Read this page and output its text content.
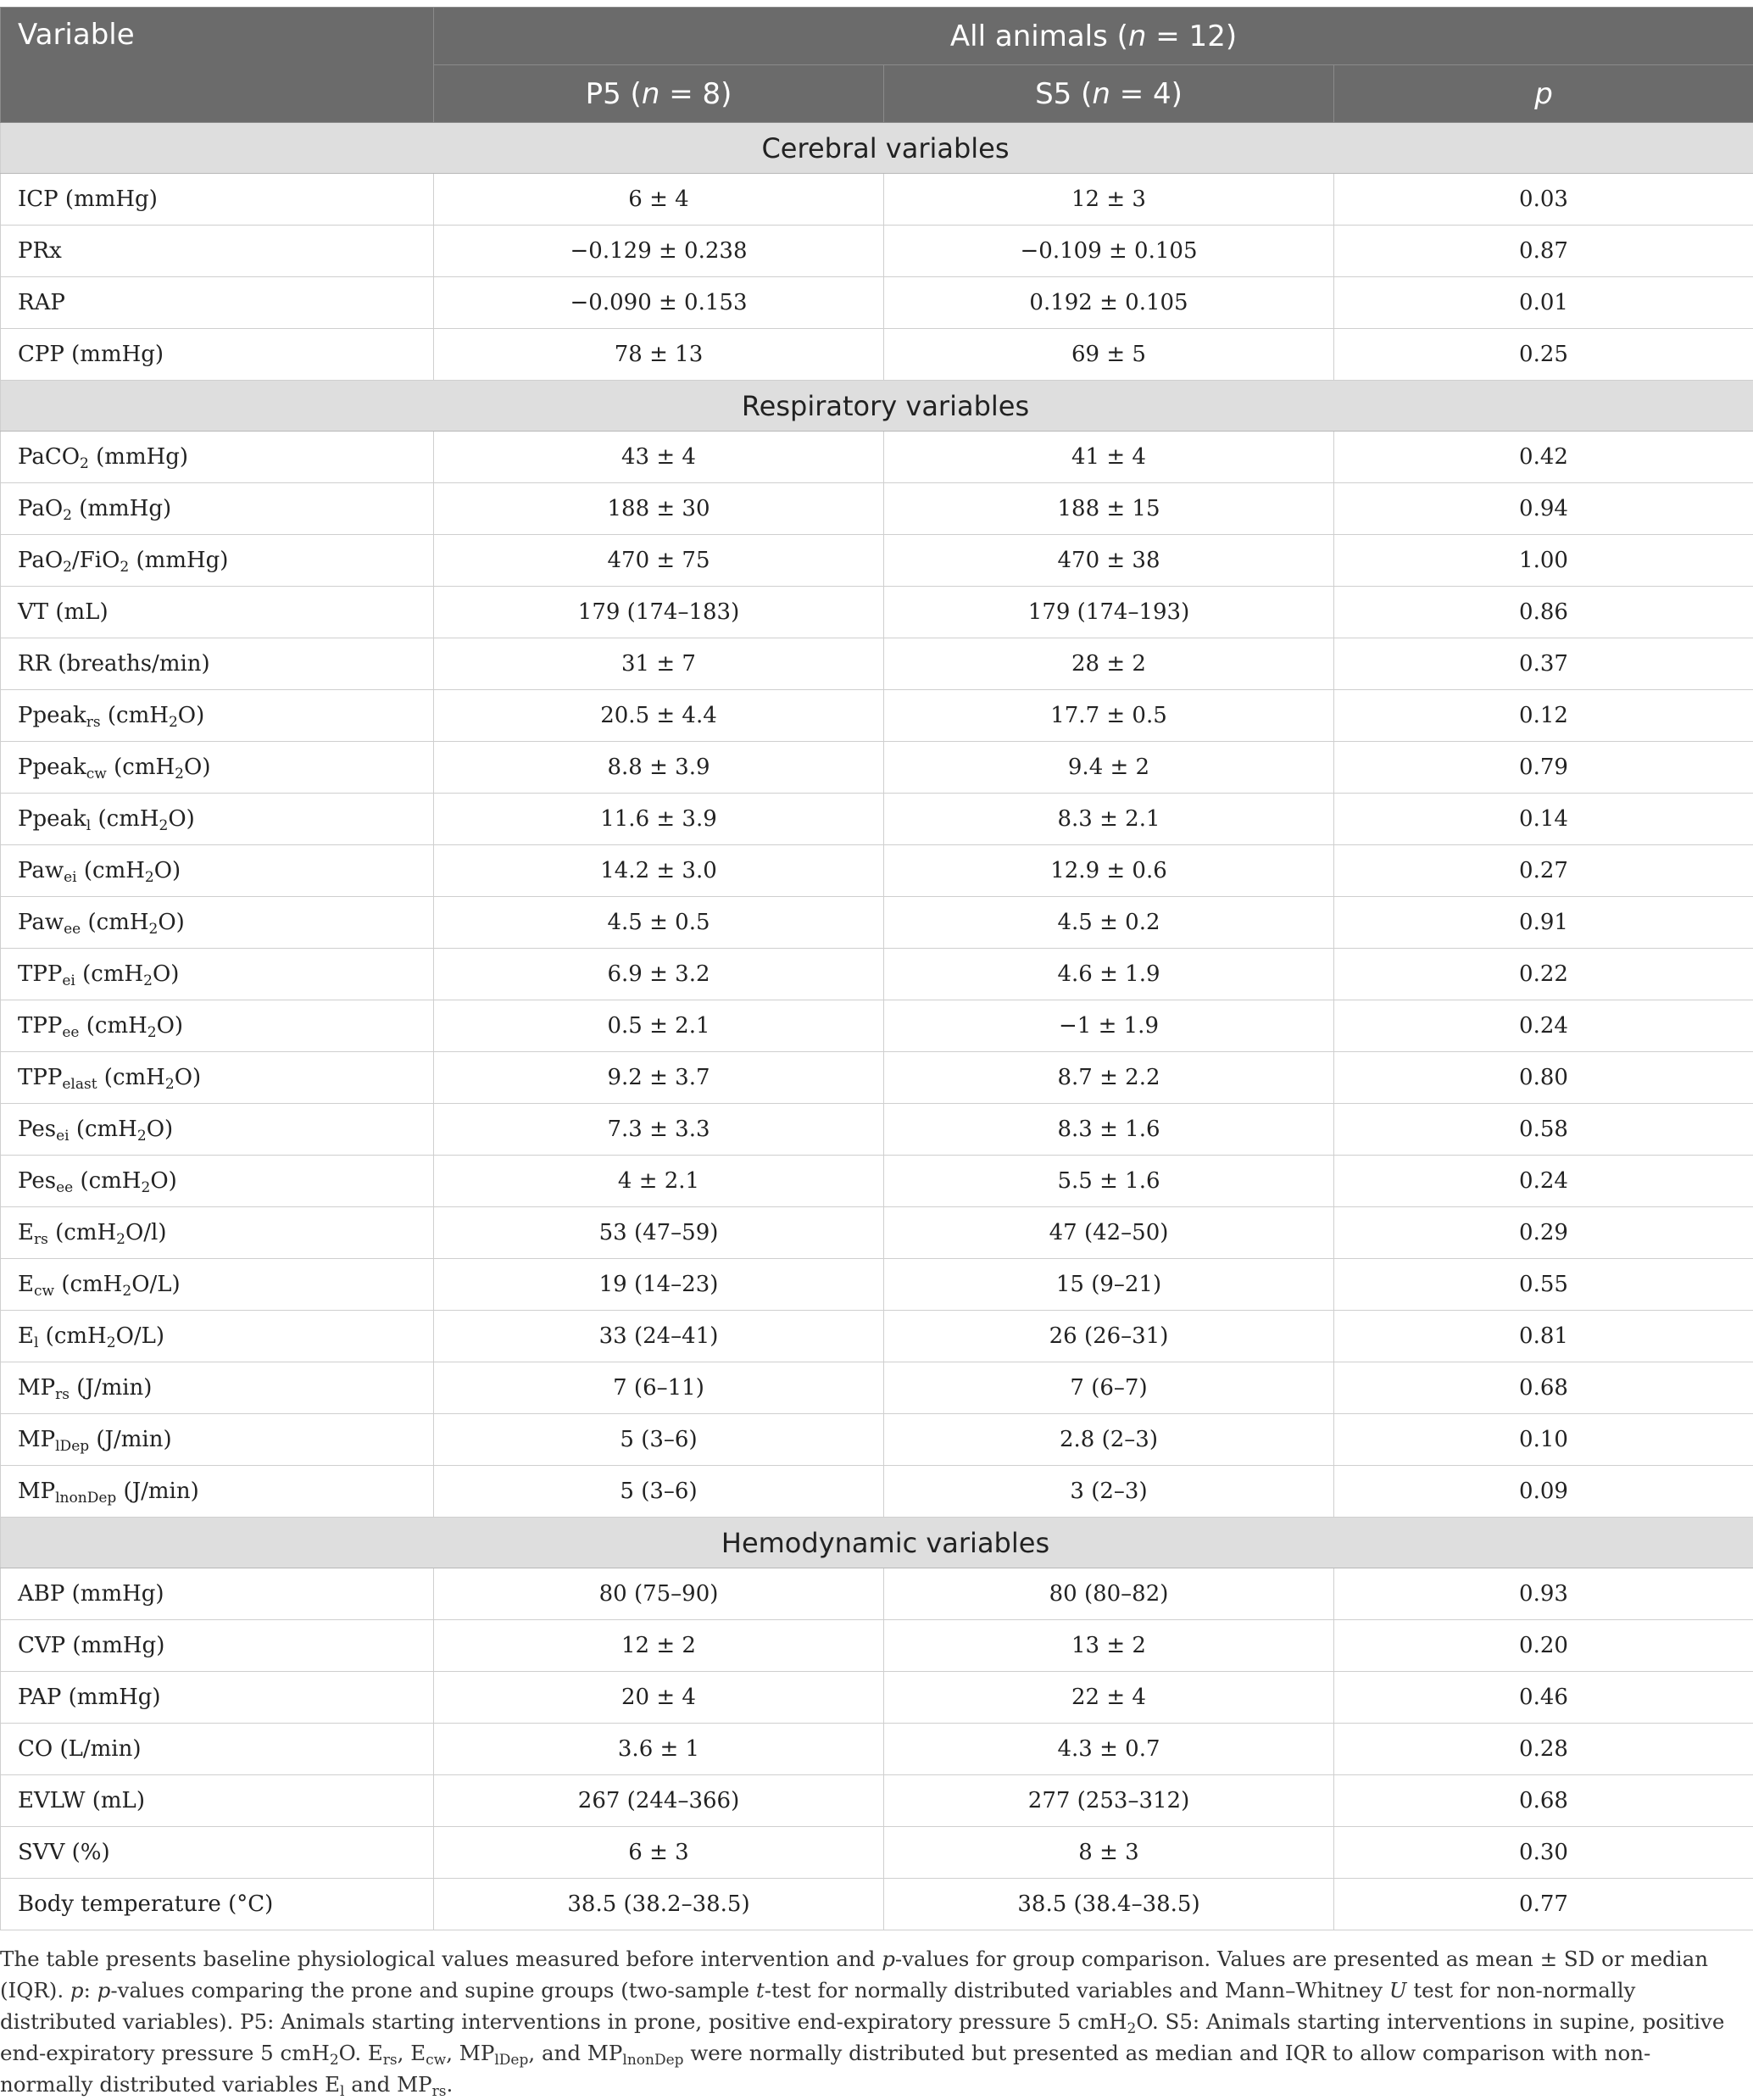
Variable	All animals (n = 12)		
	P5 (n = 8)	S5 (n = 4)	p
Cerebral variables			
ICP (mmHg)	6 ± 4	12 ± 3	0.03
PRx	−0.129 ± 0.238	−0.109 ± 0.105	0.87
RAP	−0.090 ± 0.153	0.192 ± 0.105	0.01
CPP (mmHg)	78 ± 13	69 ± 5	0.25
Respiratory variables			
PaCO$_2$ (mmHg)	43 ± 4	41 ± 4	0.42
PaO$_2$ (mmHg)	188 ± 30	188 ± 15	0.94
PaO$_2$/FiO$_2$ (mmHg)	470 ± 75	470 ± 38	1.00
VT (mL)	179 (174–183)	179 (174–193)	0.86
RR (breaths/min)	31 ± 7	28 ± 2	0.37
Ppeak$_{rs}$ (cmH$_2$O)	20.5 ± 4.4	17.7 ± 0.5	0.12
Ppeak$_{cw}$ (cmH$_2$O)	8.8 ± 3.9	9.4 ± 2	0.79
Ppeak$_l$ (cmH$_2$O)	11.6 ± 3.9	8.3 ± 2.1	0.14
Paw$_{ei}$ (cmH$_2$O)	14.2 ± 3.0	12.9 ± 0.6	0.27
Paw$_{ee}$ (cmH$_2$O)	4.5 ± 0.5	4.5 ± 0.2	0.91
$TPP_{ei}$ (cmH$_2$O)	6.9 ± 3.2	4.6 ± 1.9	0.22
$TPP_{ee}$ (cmH$_2$O)	0.5 ± 2.1	−1 ± 1.9	0.24
$TPP_{elast}$ (cmH$_2$O)	9.2 ± 3.7	8.7 ± 2.2	0.80
Pes$_{ei}$ (cmH$_2$O)	7.3 ± 3.3	8.3 ± 1.6	0.58
Pes$_{ee}$ (cmH$_2$O)	4 ± 2.1	5.5 ± 1.6	0.24
$E_{rs}$ (cmH$_2$O/l)	53 (47–59)	47 (42–50)	0.29
$E_{cw}$ (cmH$_2$O/L)	19 (14–23)	15 (9–21)	0.55
$E_l$ (cmH$_2$O/L)	33 (24–41)	26 (26–31)	0.81
$MP_{rs}$ (J/min)	7 (6–11)	7 (6–7)	0.68
$MP_{lDep}$ (J/min)	5 (3–6)	2.8 (2–3)	0.10
$MP_{lnonDep}$ (J/min)	5 (3–6)	3 (2–3)	0.09
Hemodynamic variables			
ABP (mmHg)	80 (75–90)	80 (80–82)	0.93
CVP (mmHg)	12 ± 2	13 ± 2	0.20
PAP (mmHg)	20 ± 4	22 ± 4	0.46
CO (L/min)	3.6 ± 1	4.3 ± 0.7	0.28
EVLW (mL)	267 (244–366)	277 (253–312)	0.68
SVV (%)	6 ± 3	8 ± 3	0.30
Body temperature (°C)	38.5 (38.2–38.5)	38.5 (38.4–38.5)	0.77
The table presents baseline physiological values measured before intervention and p-values for group comparison. Values are presented as mean ± SD or median (IQR). p: p-values comparing the prone and supine groups (two-sample t-test for normally distributed variables and Mann–Whitney U test for non-normally distributed variables). P5: Animals starting interventions in prone, positive end-expiratory pressure 5 cmH$_2$O. S5: Animals starting interventions in supine, positive end-expiratory pressure 5 cmH$_2$O. $E_{rs}$, $E_{cw}$, $MP_{lDep}$, and $MP_{lnonDep}$ were normally distributed but presented as median and IQR to allow comparison with non-normally distributed variables $E_l$ and $MP_{rs}$.
